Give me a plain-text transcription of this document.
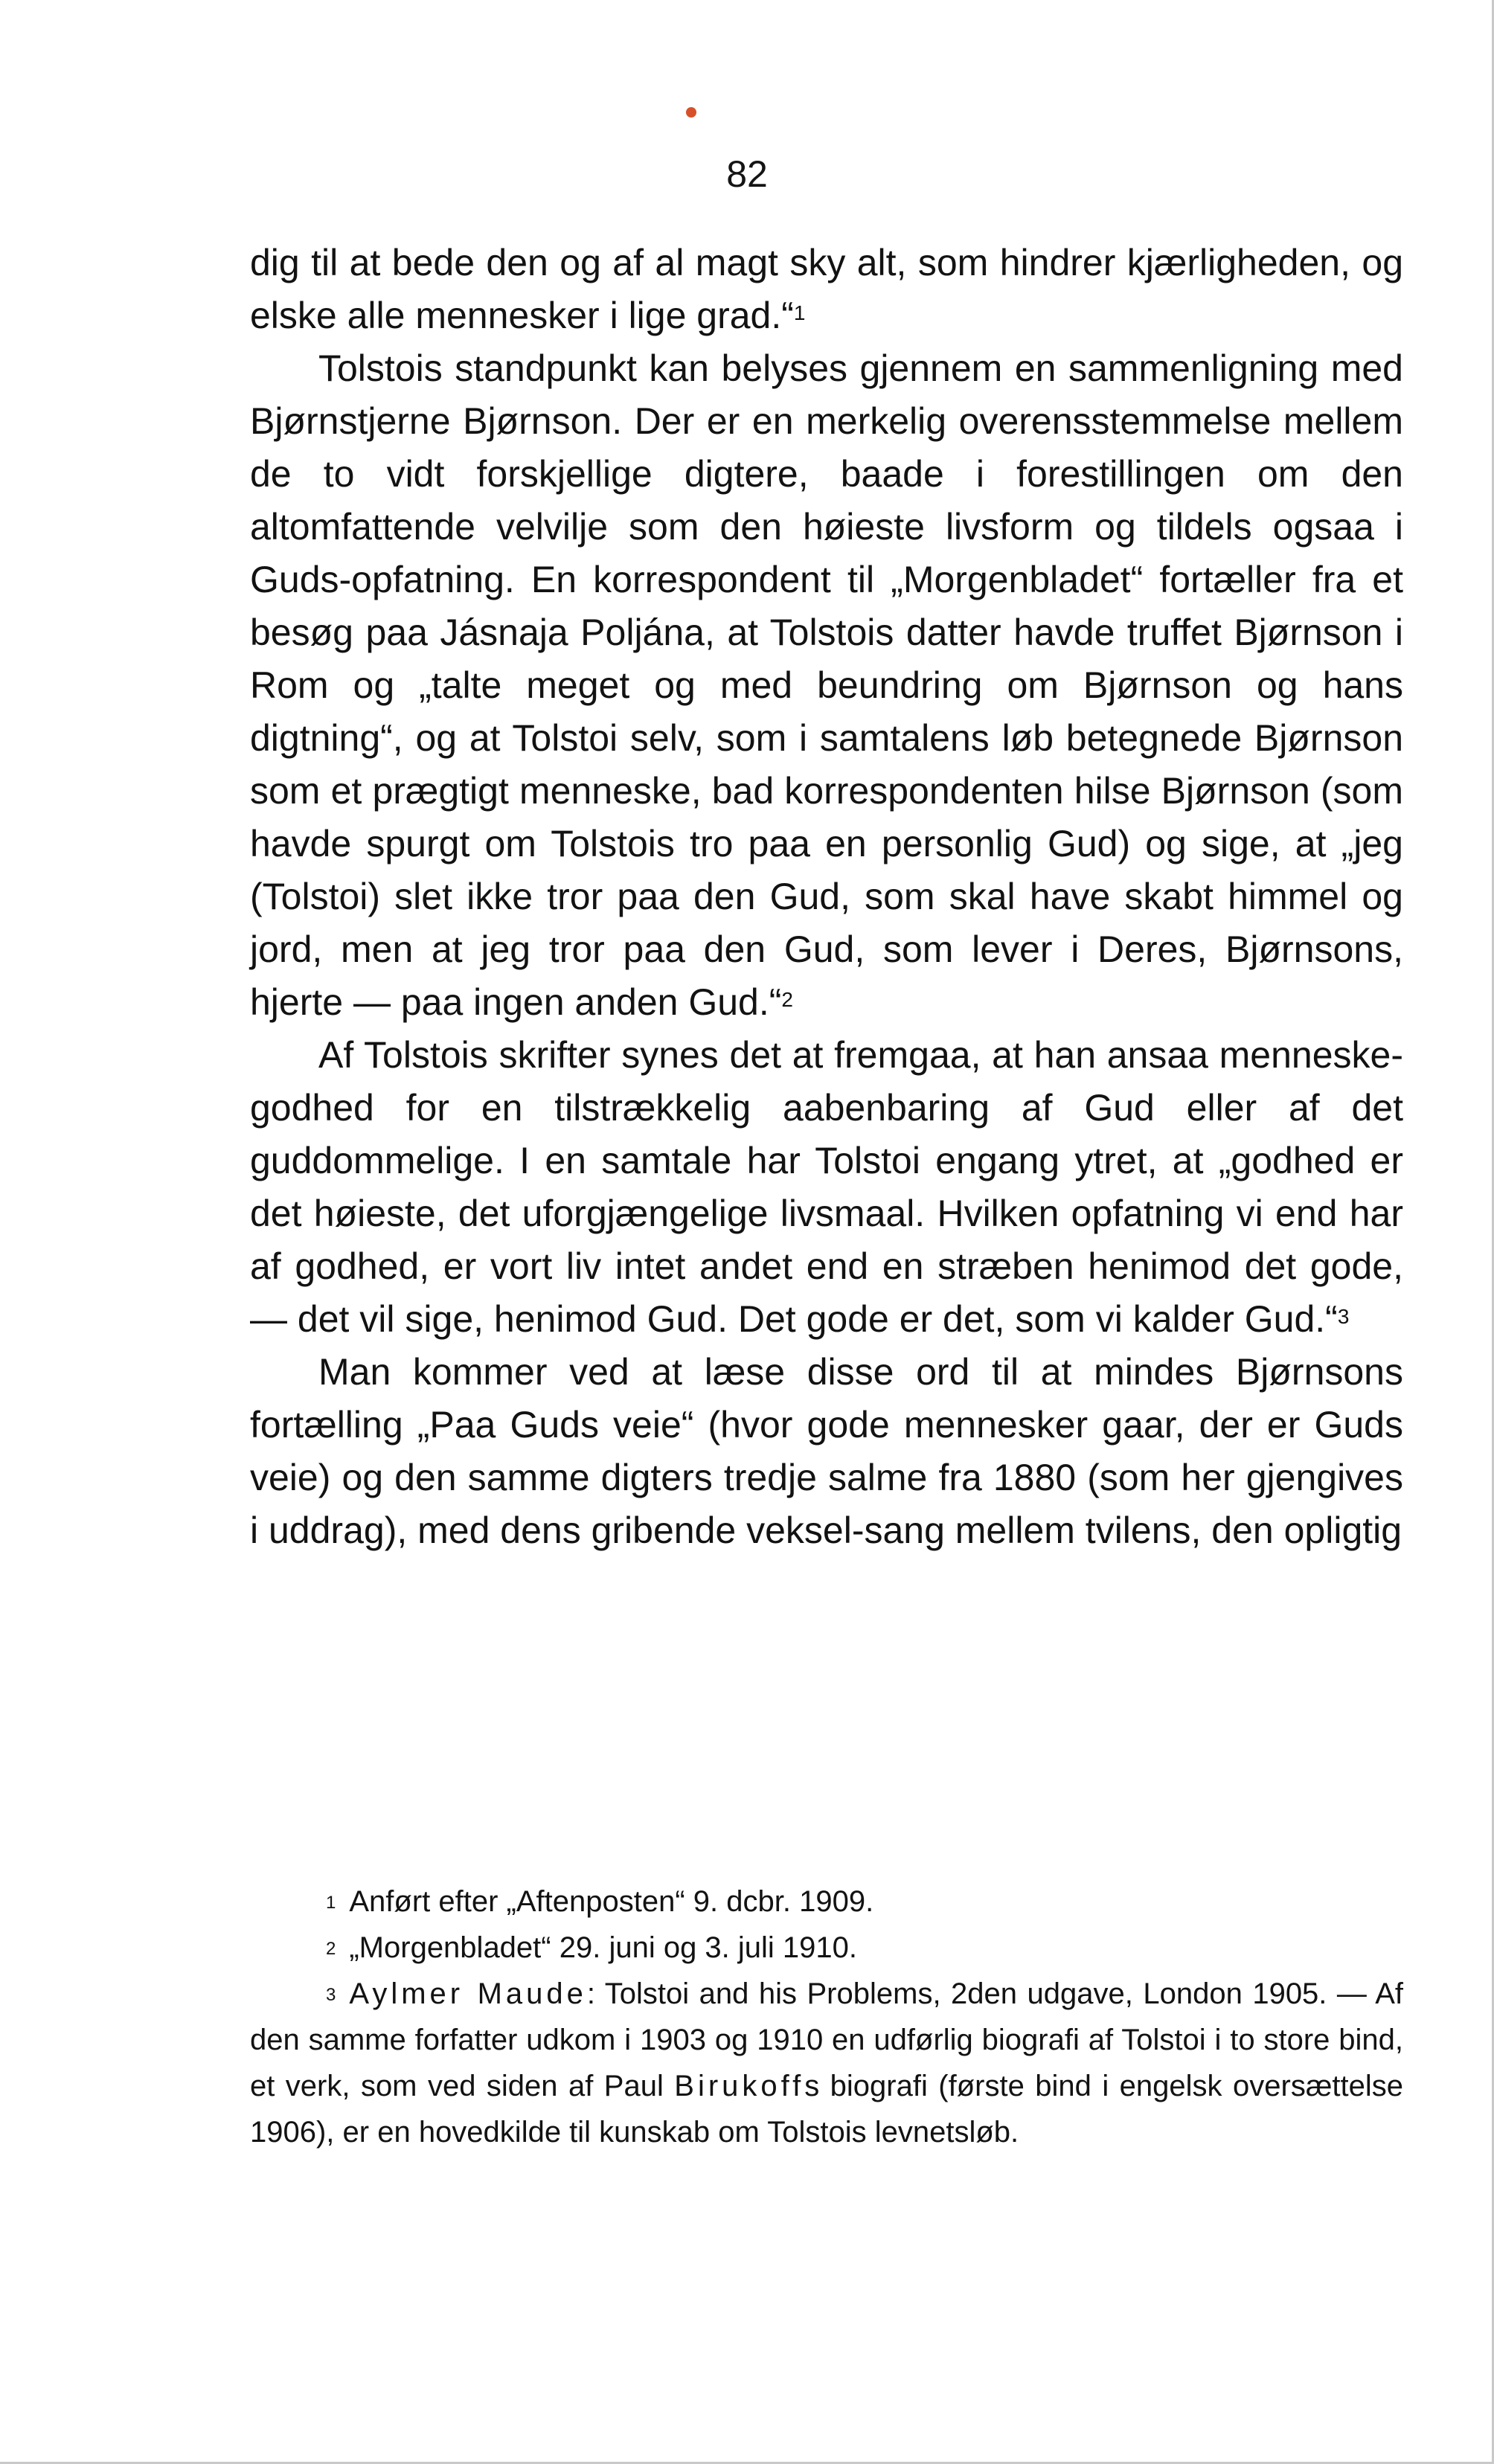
82

dig til at bede den og af al magt sky alt, som hindrer kjærligheden, og elske alle mennesker i lige grad.“$^1$

Tolstois standpunkt kan belyses gjennem en sammenligning med Bjørnstjerne Bjørnson. Der er en merkelig overensstemmelse mellem de to vidt forskjellige digtere, baade i forestillingen om den altomfattende velvilje som den høieste livsform og tildels ogsaa i Guds-opfatning. En korrespondent til „Morgenbladet“ fortæller fra et besøg paa Jásnaja Poljána, at Tolstois datter havde truffet Bjørnson i Rom og „talte meget og med beundring om Bjørnson og hans digtning“, og at Tolstoi selv, som i samtalens løb betegnede Bjørnson som et prægtigt menneske, bad korrespondenten hilse Bjørnson (som havde spurgt om Tolstois tro paa en personlig Gud) og sige, at „jeg (Tolstoi) slet ikke tror paa den Gud, som skal have skabt himmel og jord, men at jeg tror paa den Gud, som lever i Deres, Bjørnsons, hjerte — paa ingen anden Gud.“$^2$

Af Tolstois skrifter synes det at fremgaa, at han ansaa menneske-godhed for en tilstrækkelig aabenbaring af Gud eller af det guddommelige. I en samtale har Tolstoi engang ytret, at „godhed er det høieste, det uforgjængelige livsmaal. Hvilken opfatning vi end har af godhed, er vort liv intet andet end en stræben henimod det gode, — det vil sige, henimod Gud. Det gode er det, som vi kalder Gud.“$^3$

Man kommer ved at læse disse ord til at mindes Bjørnsons fortælling „Paa Guds veie“ (hvor gode mennesker gaar, der er Guds veie) og den samme digters tredje salme fra 1880 (som her gjengives i uddrag), med dens gribende veksel-sang mellem tvilens, den opligtig

$^1$ Anført efter „Aftenposten“ 9. dcbr. 1909.

$^2$ „Morgenbladet“ 29. juni og 3. juli 1910.

$^3$ Aylmer Maude: Tolstoi and his Problems, 2den udgave, London 1905. — Af den samme forfatter udkom i 1903 og 1910 en udførlig biografi af Tolstoi i to store bind, et verk, som ved siden af Paul Birukoffs biografi (første bind i engelsk oversættelse 1906), er en hovedkilde til kunskab om Tolstois levnetsløb.
